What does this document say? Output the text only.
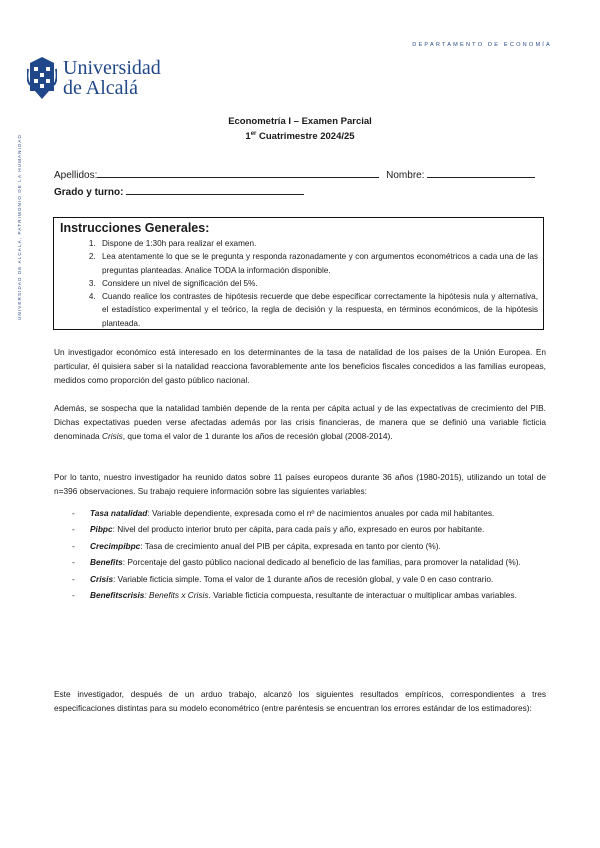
DEPARTAMENTO DE ECONOMÍA
Universidad
de Alcalá
UNIVERSIDAD DE ALCALÁ, PATRIMONIO DE LA HUMANIDAD
Econometría I – Examen Parcial
1er Cuatrimestre 2024/25
Apellidos:	Nombre:
Grado y turno:
Instrucciones Generales:
1. Dispone de 1:30h para realizar el examen.
2. Lea atentamente lo que se le pregunta y responda razonadamente y con argumentos econométricos a cada una de las preguntas planteadas. Analice TODA la información disponible.
3. Considere un nivel de significación del 5%.
4. Cuando realice los contrastes de hipótesis recuerde que debe especificar correctamente la hipótesis nula y alternativa, el estadístico experimental y el teórico, la regla de decisión y la respuesta, en términos económicos, de la hipótesis planteada.
Un investigador económico está interesado en los determinantes de la tasa de natalidad de los países de la Unión Europea. En particular, él quisiera saber si la natalidad reacciona favorablemente ante los beneficios fiscales concedidos a las familias europeas, medidos como proporción del gasto público nacional.
Además, se sospecha que la natalidad también depende de la renta per cápita actual y de las expectativas de crecimiento del PIB. Dichas expectativas pueden verse afectadas además por las crisis financieras, de manera que se definió una variable ficticia denominada Crisis, que toma el valor de 1 durante los años de recesión global (2008-2014).
Por lo tanto, nuestro investigador ha reunido datos sobre 11 países europeos durante 36 años (1980-2015), utilizando un total de n=396 observaciones. Su trabajo requiere información sobre las siguientes variables:
- Tasa natalidad: Variable dependiente, expresada como el nº de nacimientos anuales por cada mil habitantes.
- Pibpc: Nivel del producto interior bruto per cápita, para cada país y año, expresado en euros por habitante.
- Crecimpibpc: Tasa de crecimiento anual del PIB per cápita, expresada en tanto por ciento (%).
- Benefits: Porcentaje del gasto público nacional dedicado al beneficio de las familias, para promover la natalidad (%).
- Crisis: Variable ficticia simple. Toma el valor de 1 durante años de recesión global, y vale 0 en caso contrario.
- Benefitscrisis: Benefits x Crisis. Variable ficticia compuesta, resultante de interactuar o multiplicar ambas variables.
Este investigador, después de un arduo trabajo, alcanzó los siguientes resultados empíricos, correspondientes a tres especificaciones distintas para su modelo econométrico (entre paréntesis se encuentran los errores estándar de los estimadores):
